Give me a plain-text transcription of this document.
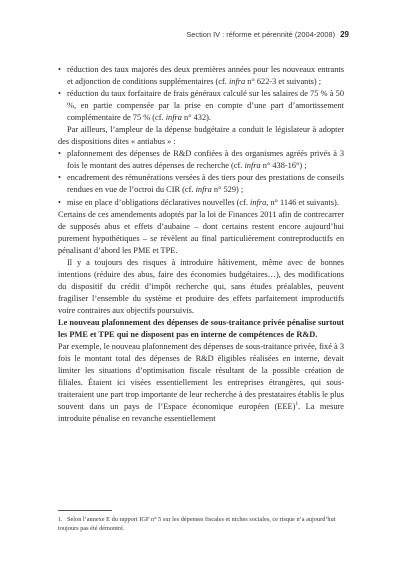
Section IV : réforme et pérennité (2004-2008) 29
• réduction des taux majorés des deux premières années pour les nouveaux entrants et adjonction de conditions supplémentaires (cf. infra n° 622-3 et suivants) ;
• réduction du taux forfaitaire de frais généraux calculé sur les salaires de 75 % à 50 %, en partie compensée par la prise en compte d’une part d’amortissement complémentaire de 75 % (cf. infra n° 432).

Par ailleurs, l’ampleur de la dépense budgétaire a conduit le législateur à adopter des dispositions dites « antiabus » :

• plafonnement des dépenses de R&D confiées à des organismes agréés privés à 3 fois le montant des autres dépenses de recherche (cf. infra n° 438-16°) ;
• encadrement des rémunérations versées à des tiers pour des prestations de conseils rendues en vue de l’octroi du CIR (cf. infra n° 529) ;
• mise en place d’obligations déclaratives nouvelles (cf. infra, n° 1146 et suivants).

Certains de ces amendements adoptés par la loi de Finances 2011 afin de contrecarrer de supposés abus et effets d’aubaine – dont certains restent encore aujourd’hui purement hypothétiques – se révèlent au final particulièrement contreproductifs en pénalisant d’abord les PME et TPE.

Il y a toujours des risques à introduire hâtivement, même avec de bonnes intentions (réduire des abus, faire des économies budgétaires…), des modifications du dispositif du crédit d’impôt recherche qui, sans études préalables, peuvent fragiliser l’ensemble du système et produire des effets parfaitement improductifs voire contraires aux objectifs poursuivis.

Le nouveau plafonnement des dépenses de sous-traitance privée pénalise surtout les PME et TPE qui ne disposent pas en interne de compétences de R&D.

Par exemple, le nouveau plafonnement des dépenses de sous-traitance privée, fixé à 3 fois le montant total des dépenses de R&D éligibles réalisées en interne, devait limiter les situations d’optimisation fiscale résultant de la possible création de filiales. Étaient ici visées essentiellement les entreprises étrangères, qui sous-traiteraient une part trop importante de leur recherche à des prestataires établis le plus souvent dans un pays de l’Espace économique européen (EEE)$^1$. La mesure introduite pénalise en revanche essentiellement

1. Selon l’annexe E du rapport IGF n° 5 sur les dépenses fiscales et niches sociales, ce risque n’a aujourd’hui toujours pas été démontré.
